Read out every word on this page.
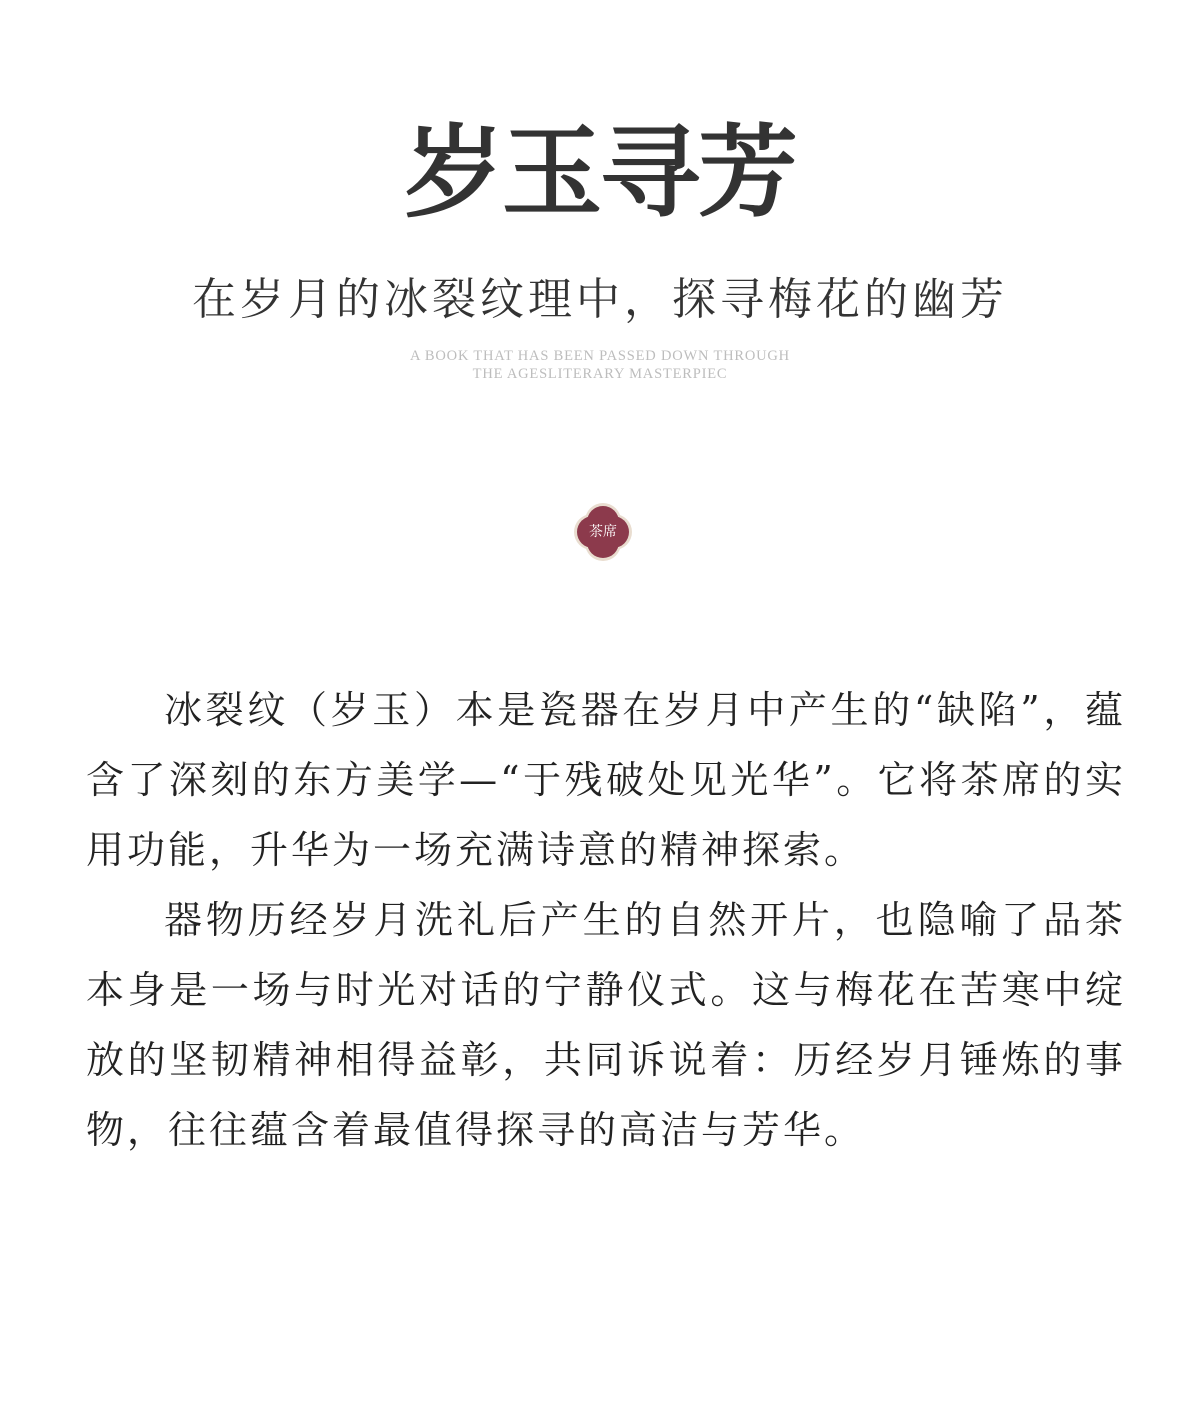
岁玉寻芳
在岁月的冰裂纹理中，探寻梅花的幽芳
A BOOK THAT HAS BEEN PASSED DOWN THROUGH
THE AGESLITERARY MASTERPIEC
茶席

冰裂纹（岁玉）本是瓷器在岁月中产生的“缺陷”，蕴含了深刻的东方美学—“于残破处见光华”。它将茶席的实用功能，升华为一场充满诗意的精神探索。

器物历经岁月洗礼后产生的自然开片，也隐喻了品茶本身是一场与时光对话的宁静仪式。这与梅花在苦寒中绽放的坚韧精神相得益彰，共同诉说着：历经岁月锤炼的事物，往往蕴含着最值得探寻的高洁与芳华。
